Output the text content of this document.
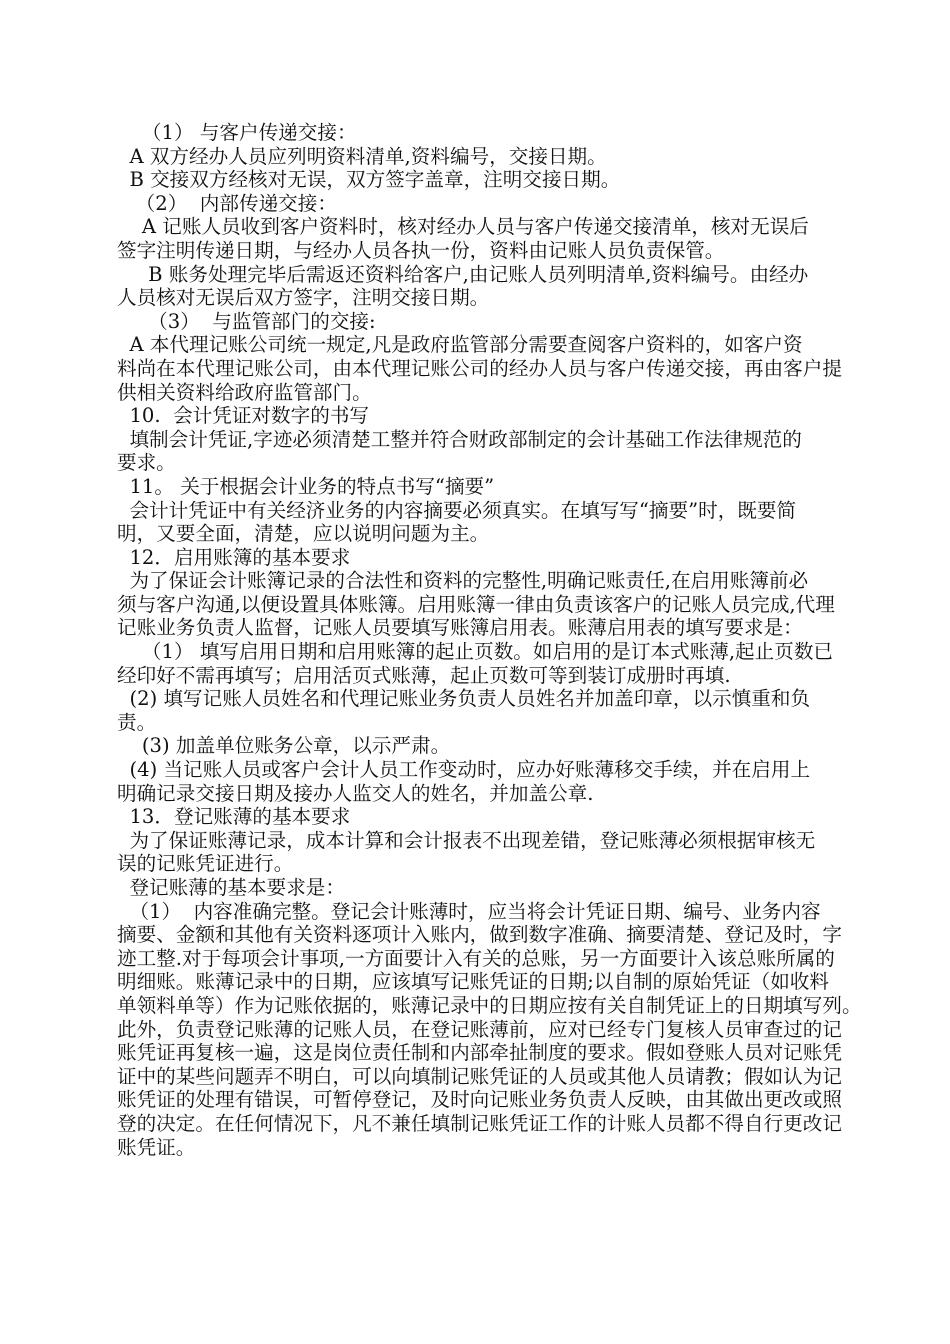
（1） 与客户传递交接：
A 双方经办人员应列明资料清单,资料编号，交接日期。
B 交接双方经核对无误，双方签字盖章，注明交接日期。
（2）  内部传递交接：
A 记账人员收到客户资料时，核对经办人员与客户传递交接清单，核对无误后
签字注明传递日期，与经办人员各执一份，资料由记账人员负责保管。
B 账务处理完毕后需返还资料给客户,由记账人员列明清单,资料编号。由经办
人员核对无误后双方签字，注明交接日期。
（3）  与监管部门的交接:
A 本代理记账公司统一规定,凡是政府监管部分需要查阅客户资料的，如客户资
料尚在本代理记账公司，由本代理记账公司的经办人员与客户传递交接，再由客户提
供相关资料给政府监管部门。
10.  会计凭证对数字的书写
填制会计凭证,字迹必须清楚工整并符合财政部制定的会计基础工作法律规范的
要求。
11。 关于根据会计业务的特点书写“摘要”
会计计凭证中有关经济业务的内容摘要必须真实。在填写写“摘要”时，既要简
明，又要全面，清楚，应以说明问题为主。
12．启用账簿的基本要求
为了保证会计账簿记录的合法性和资料的完整性,明确记账责任,在启用账簿前必
须与客户沟通,以便设置具体账簿。启用账簿一律由负责该客户的记账人员完成,代理
记账业务负责人监督，记账人员要填写账簿启用表。账薄启用表的填写要求是：
（1） 填写启用日期和启用账簿的起止页数。如启用的是订本式账薄,起止页数已
经印好不需再填写；启用活页式账薄，起止页数可等到装订成册时再填.
(2) 填写记账人员姓名和代理记账业务负责人员姓名并加盖印章，以示慎重和负
责。
(3) 加盖单位账务公章，以示严肃。
(4) 当记账人员或客户会计人员工作变动时，应办好账薄移交手续，并在启用上
明确记录交接日期及接办人监交人的姓名，并加盖公章.
13．登记账薄的基本要求
为了保证账薄记录，成本计算和会计报表不出现差错，登记账薄必须根据审核无
误的记账凭证进行。
登记账薄的基本要求是：
（1）  内容准确完整。登记会计账薄时，应当将会计凭证日期、编号、业务内容
摘要、金额和其他有关资料逐项计入账内，做到数字准确、摘要清楚、登记及时，字
迹工整.对于每项会计事项,一方面要计入有关的总账，另一方面要计入该总账所属的
明细账。账薄记录中的日期，应该填写记账凭证的日期;以自制的原始凭证（如收料
单领料单等）作为记账依据的，账薄记录中的日期应按有关自制凭证上的日期填写列。
此外，负责登记账薄的记账人员，在登记账薄前，应对已经专门复核人员审查过的记
账凭证再复核一遍，这是岗位责任制和内部牵扯制度的要求。假如登账人员对记账凭
证中的某些问题弄不明白，可以向填制记账凭证的人员或其他人员请教；假如认为记
账凭证的处理有错误，可暂停登记，及时向记账业务负责人反映，由其做出更改或照
登的决定。在任何情况下，凡不兼任填制记账凭证工作的计账人员都不得自行更改记
账凭证。
